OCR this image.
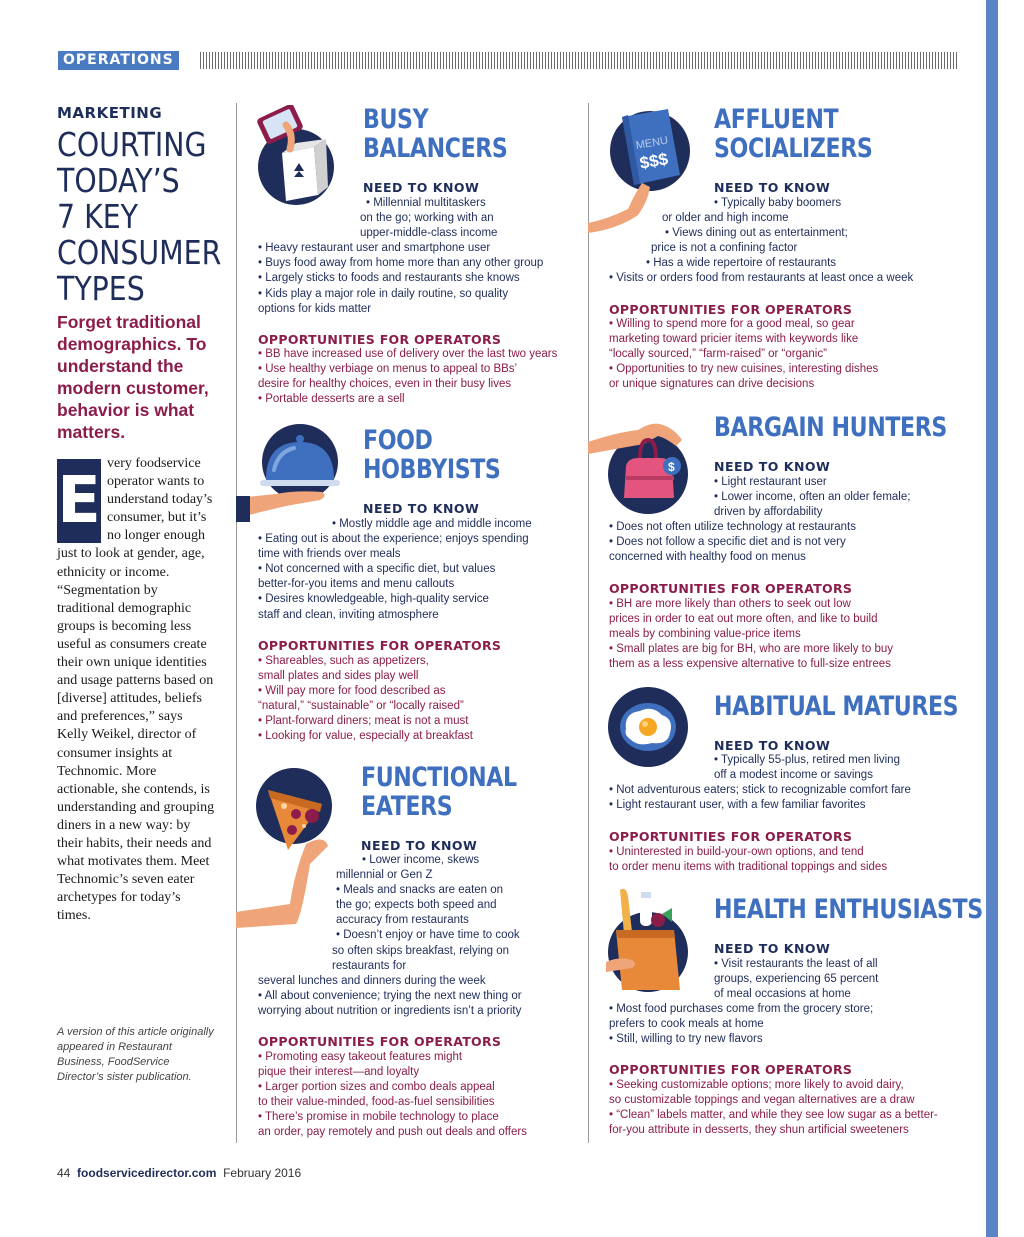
OPERATIONS
MARKETING
COURTING
TODAY’S
7 KEY
CONSUMER
TYPES
Forget traditional demographics. To understand the modern customer, behavior is what matters.
E
very foodservice operator wants to understand today’s consumer, but it’s no longer enough just to look at gender, age, ethnicity or income. “Segmentation by traditional demographic groups is becoming less useful as consumers create their own unique identities and usage patterns based on [diverse] attitudes, beliefs and preferences,” says Kelly Weikel, director of consumer insights at Technomic. More actionable, she contends, is understanding and grouping diners in a new way: by their habits, their needs and what motivates them. Meet Technomic’s seven eater archetypes for today’s times.
A version of this article originally appeared in Restaurant Business, FoodService Director’s sister publication.
44 foodservicedirector.com February 2016
BUSY
BALANCERS
NEED TO KNOW
• Millennial multitaskers
on the go; working with an
upper-middle-class income
• Heavy restaurant user and smartphone user
• Buys food away from home more than any other group
• Largely sticks to foods and restaurants she knows
• Kids play a major role in daily routine, so quality
options for kids matter
OPPORTUNITIES FOR OPERATORS
• BB have increased use of delivery over the last two years
• Use healthy verbiage on menus to appeal to BBs’
desire for healthy choices, even in their busy lives
• Portable desserts are a sell
FOOD
HOBBYISTS
NEED TO KNOW
• Mostly middle age and middle income
• Eating out is about the experience; enjoys spending
time with friends over meals
• Not concerned with a specific diet, but values
better-for-you items and menu callouts
• Desires knowledgeable, high-quality service
staff and clean, inviting atmosphere
OPPORTUNITIES FOR OPERATORS
• Shareables, such as appetizers,
small plates and sides play well
• Will pay more for food described as
“natural,” “sustainable” or “locally raised”
• Plant-forward diners; meat is not a must
• Looking for value, especially at breakfast
FUNCTIONAL
EATERS
NEED TO KNOW
• Lower income, skews
millennial or Gen Z
• Meals and snacks are eaten on
the go; expects both speed and
accuracy from restaurants
• Doesn’t enjoy or have time to cook
so often skips breakfast, relying on
restaurants for
several lunches and dinners during the week
• All about convenience; trying the next new thing or
worrying about nutrition or ingredients isn’t a priority
OPPORTUNITIES FOR OPERATORS
• Promoting easy takeout features might
pique their interest—and loyalty
• Larger portion sizes and combo deals appeal
to their value-minded, food-as-fuel sensibilities
• There’s promise in mobile technology to place
an order, pay remotely and push out deals and offers
MENU
$$$
AFFLUENT
SOCIALIZERS
NEED TO KNOW
• Typically baby boomers
or older and high income
• Views dining out as entertainment;
price is not a confining factor
• Has a wide repertoire of restaurants
• Visits or orders food from restaurants at least once a week
OPPORTUNITIES FOR OPERATORS
• Willing to spend more for a good meal, so gear
marketing toward pricier items with keywords like
“locally sourced,” “farm-raised” or “organic”
• Opportunities to try new cuisines, interesting dishes
or unique signatures can drive decisions
$
BARGAIN HUNTERS
NEED TO KNOW
• Light restaurant user
• Lower income, often an older female;
driven by affordability
• Does not often utilize technology at restaurants
• Does not follow a specific diet and is not very
concerned with healthy food on menus
OPPORTUNITIES FOR OPERATORS
• BH are more likely than others to seek out low
prices in order to eat out more often, and like to build
meals by combining value-price items
• Small plates are big for BH, who are more likely to buy
them as a less expensive alternative to full-size entrees
HABITUAL MATURES
NEED TO KNOW
• Typically 55-plus, retired men living
off a modest income or savings
• Not adventurous eaters; stick to recognizable comfort fare
• Light restaurant user, with a few familiar favorites
OPPORTUNITIES FOR OPERATORS
• Uninterested in build-your-own options, and tend
to order menu items with traditional toppings and sides
HEALTH ENTHUSIASTS
NEED TO KNOW
• Visit restaurants the least of all
groups, experiencing 65 percent
of meal occasions at home
• Most food purchases come from the grocery store;
prefers to cook meals at home
• Still, willing to try new flavors
OPPORTUNITIES FOR OPERATORS
• Seeking customizable options; more likely to avoid dairy,
so customizable toppings and vegan alternatives are a draw
• “Clean” labels matter, and while they see low sugar as a better-
for-you attribute in desserts, they shun artificial sweeteners
